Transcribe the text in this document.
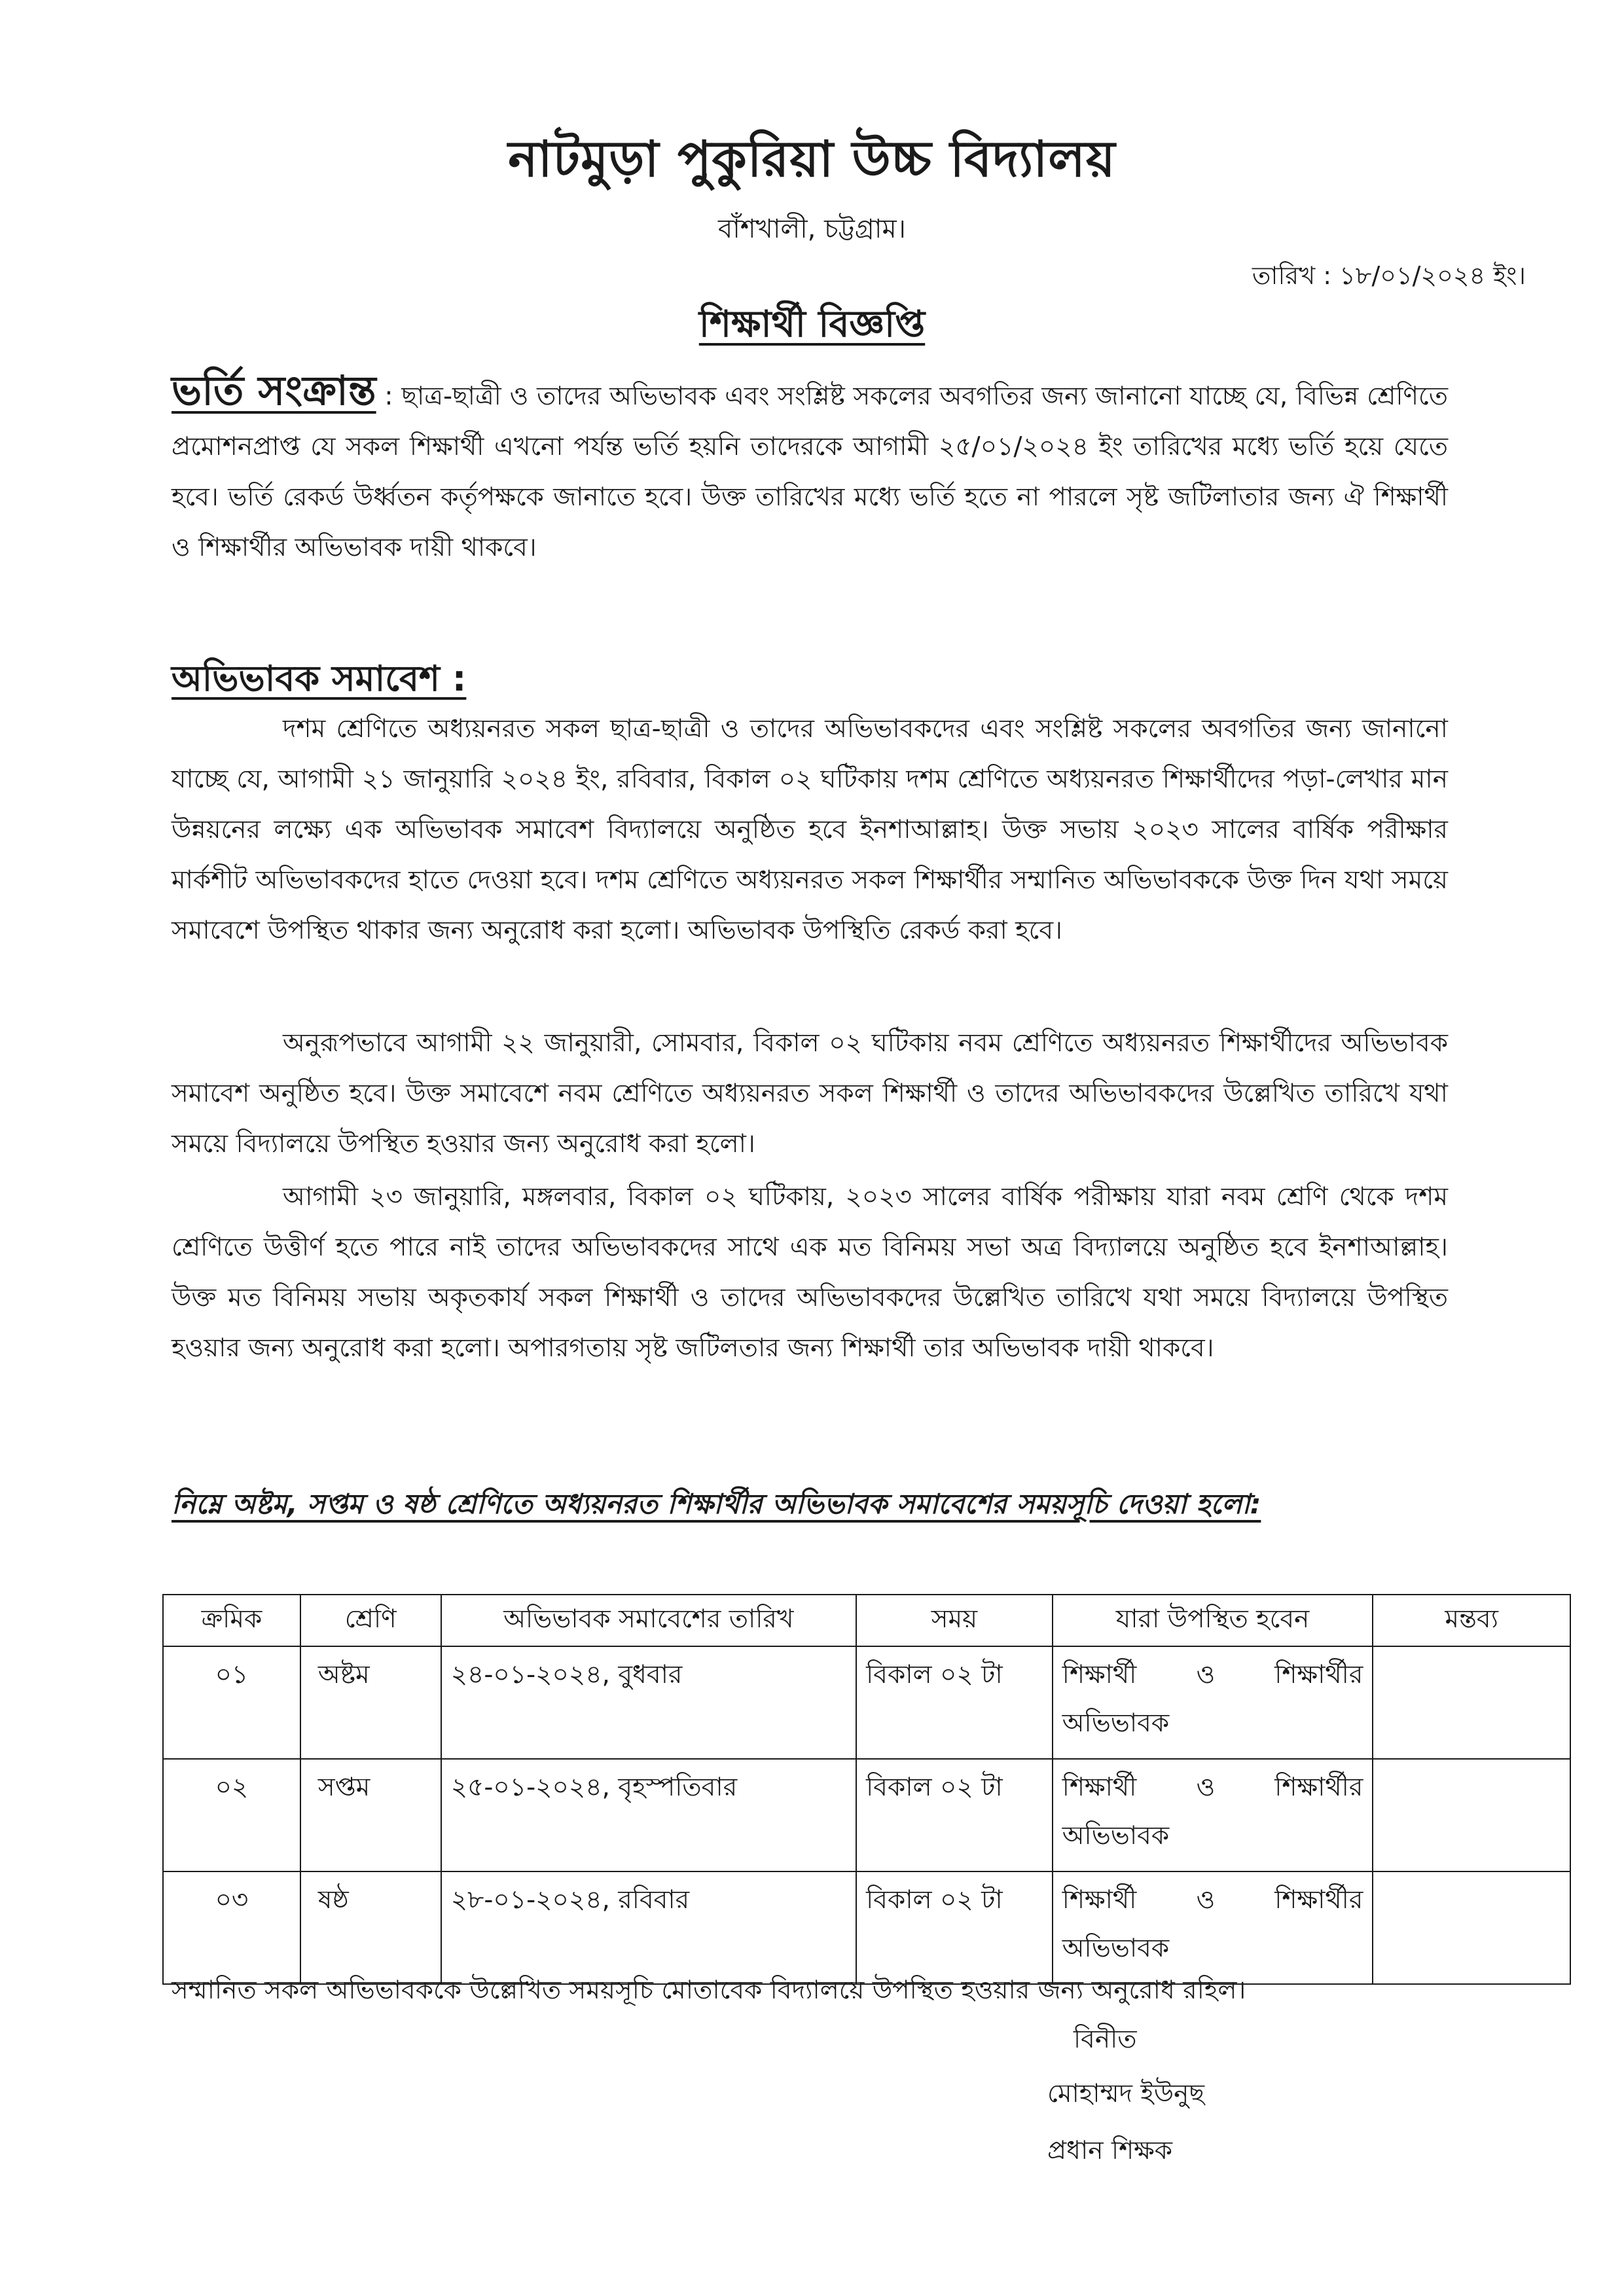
নাটমুড়া পুকুরিয়া উচ্চ বিদ্যালয়
বাঁশখালী, চট্টগ্রাম।
তারিখ : ১৮/০১/২০২৪ ইং।
শিক্ষার্থী বিজ্ঞপ্তি
ভর্তি সংক্রান্ত : ছাত্র-ছাত্রী ও তাদের অভিভাবক এবং সংশ্লিষ্ট সকলের অবগতির জন্য জানানো যাচ্ছে যে, বিভিন্ন শ্রেণিতে প্রমোশনপ্রাপ্ত যে সকল শিক্ষার্থী এখনো পর্যন্ত ভর্তি হয়নি তাদেরকে আগামী ২৫/০১/২০২৪ ইং তারিখের মধ্যে ভর্তি হয়ে যেতে হবে। ভর্তি রেকর্ড উর্ধ্বতন কর্তৃপক্ষকে জানাতে হবে। উক্ত তারিখের মধ্যে ভর্তি হতে না পারলে সৃষ্ট জটিলাতার জন্য ঐ শিক্ষার্থী ও শিক্ষার্থীর অভিভাবক দায়ী থাকবে।
অভিভাবক সমাবেশ :
দশম শ্রেণিতে অধ্যয়নরত সকল ছাত্র-ছাত্রী ও তাদের অভিভাবকদের এবং সংশ্লিষ্ট সকলের অবগতির জন্য জানানো যাচ্ছে যে, আগামী ২১ জানুয়ারি ২০২৪ ইং, রবিবার, বিকাল ০২ ঘটিকায় দশম শ্রেণিতে অধ্যয়নরত শিক্ষার্থীদের পড়া-লেখার মান উন্নয়নের লক্ষ্যে এক অভিভাবক সমাবেশ বিদ্যালয়ে অনুষ্ঠিত হবে ইনশাআল্লাহ। উক্ত সভায় ২০২৩ সালের বার্ষিক পরীক্ষার মার্কশীট অভিভাবকদের হাতে দেওয়া হবে। দশম শ্রেণিতে অধ্যয়নরত সকল শিক্ষার্থীর সম্মানিত অভিভাবককে উক্ত দিন যথা সময়ে সমাবেশে উপস্থিত থাকার জন্য অনুরোধ করা হলো। অভিভাবক উপস্থিতি রেকর্ড করা হবে।
অনুরূপভাবে আগামী ২২ জানুয়ারী, সোমবার, বিকাল ০২ ঘটিকায় নবম শ্রেণিতে অধ্যয়নরত শিক্ষার্থীদের অভিভাবক সমাবেশ অনুষ্ঠিত হবে। উক্ত সমাবেশে নবম শ্রেণিতে অধ্যয়নরত সকল শিক্ষার্থী ও তাদের অভিভাবকদের উল্লেখিত তারিখে যথা সময়ে বিদ্যালয়ে উপস্থিত হওয়ার জন্য অনুরোধ করা হলো।
আগামী ২৩ জানুয়ারি, মঙ্গলবার, বিকাল ০২ ঘটিকায়, ২০২৩ সালের বার্ষিক পরীক্ষায় যারা নবম শ্রেণি থেকে দশম শ্রেণিতে উত্তীর্ণ হতে পারে নাই তাদের অভিভাবকদের সাথে এক মত বিনিময় সভা অত্র বিদ্যালয়ে অনুষ্ঠিত হবে ইনশাআল্লাহ। উক্ত মত বিনিময় সভায় অকৃতকার্য সকল শিক্ষার্থী ও তাদের অভিভাবকদের উল্লেখিত তারিখে যথা সময়ে বিদ্যালয়ে উপস্থিত হওয়ার জন্য অনুরোধ করা হলো। অপারগতায় সৃষ্ট জটিলতার জন্য শিক্ষার্থী তার অভিভাবক দায়ী থাকবে।
নিম্নে অষ্টম, সপ্তম ও ষষ্ঠ শ্রেণিতে অধ্যয়নরত শিক্ষার্থীর অভিভাবক সমাবেশের সময়সূচি দেওয়া হলো:
ক্রমিক	শ্রেণি	অভিভাবক সমাবেশের তারিখ	সময়	যারা উপস্থিত হবেন	মন্তব্য
০১	অষ্টম	২৪-০১-২০২৪, বুধবার	বিকাল ০২ টা	শিক্ষার্থী ও শিক্ষার্থীর অভিভাবক	
০২	সপ্তম	২৫-০১-২০২৪, বৃহস্পতিবার	বিকাল ০২ টা	শিক্ষার্থী ও শিক্ষার্থীর অভিভাবক	
০৩	ষষ্ঠ	২৮-০১-২০২৪, রবিবার	বিকাল ০২ টা	শিক্ষার্থী ও শিক্ষার্থীর অভিভাবক	
সম্মানিত সকল অভিভাবককে উল্লেখিত সময়সূচি মোতাবেক বিদ্যালয়ে উপস্থিত হওয়ার জন্য অনুরোধ রহিল।
বিনীত
মোহাম্মদ ইউনুছ
প্রধান শিক্ষক
